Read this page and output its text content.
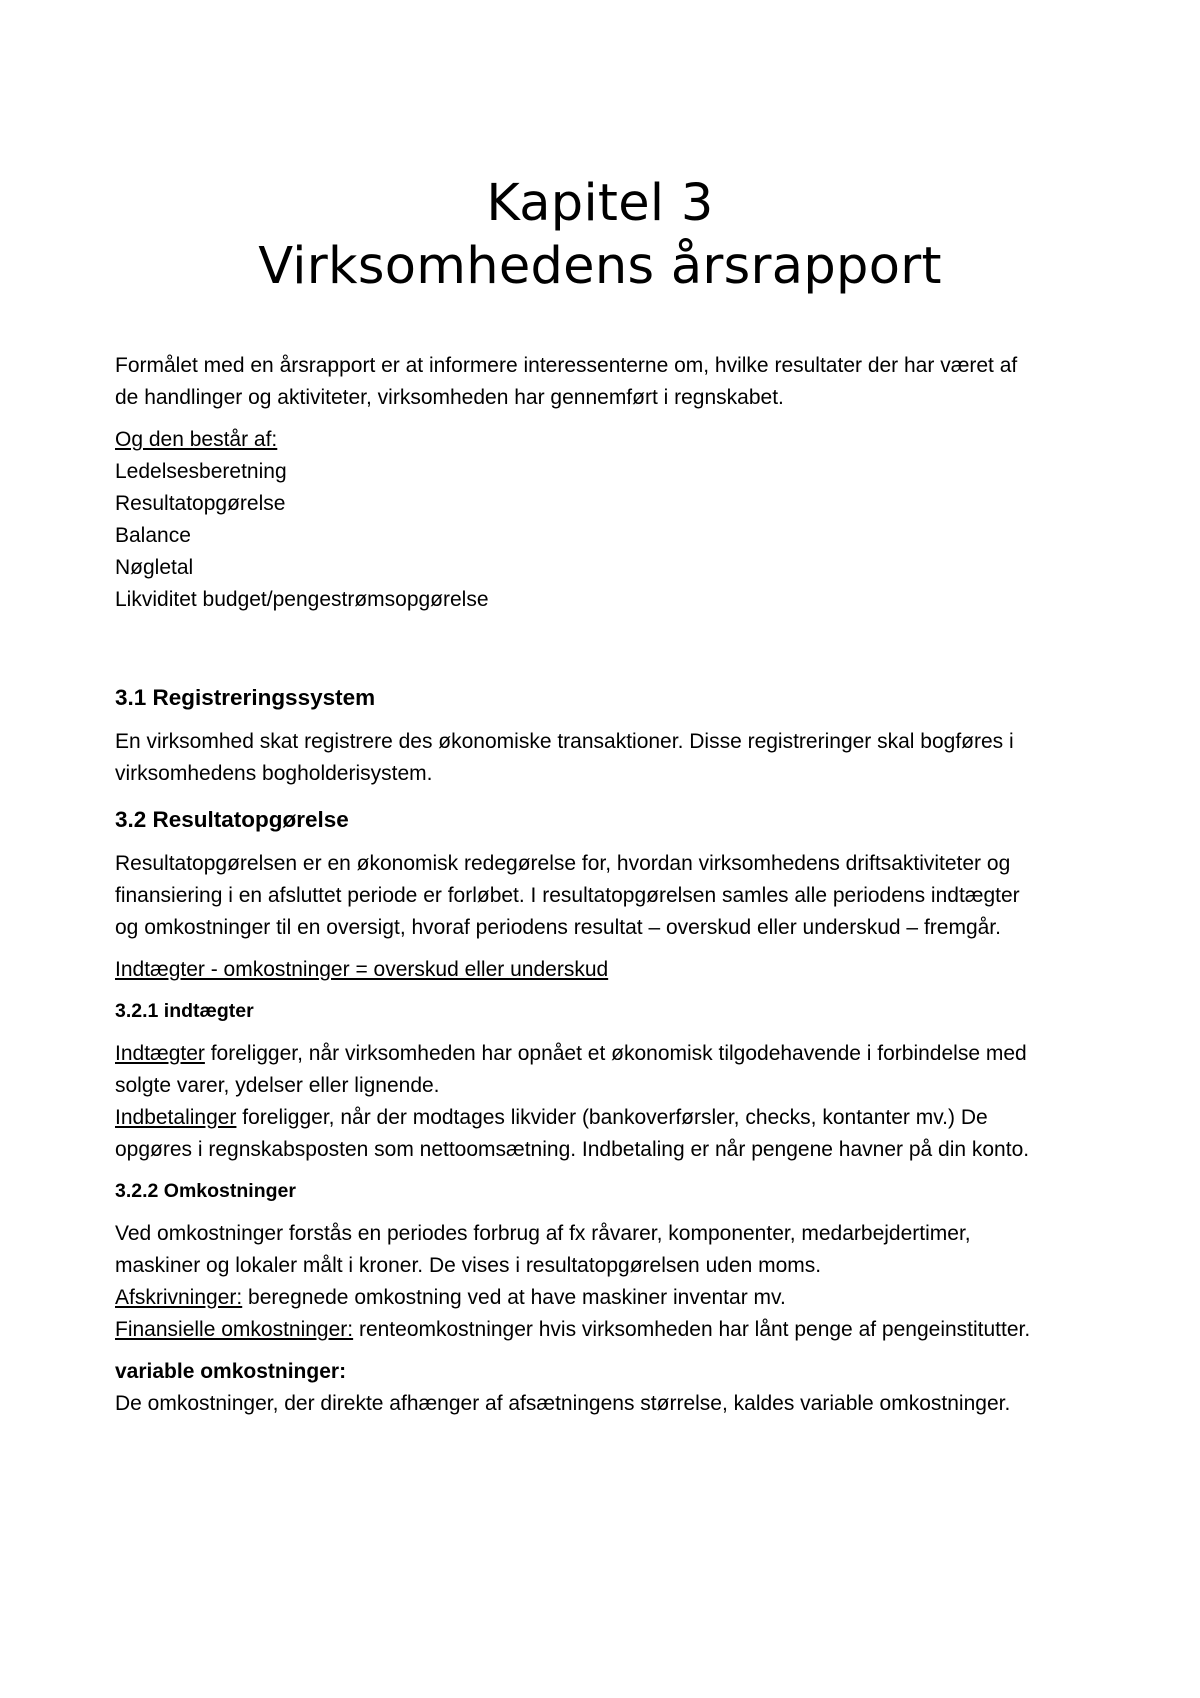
Kapitel 3
Virksomhedens årsrapport
Formålet med en årsrapport er at informere interessenterne om, hvilke resultater der har været af
de handlinger og aktiviteter, virksomheden har gennemført i regnskabet.
Og den består af:
Ledelsesberetning
Resultatopgørelse
Balance
Nøgletal
Likviditet budget/pengestrømsopgørelse
3.1 Registreringssystem
En virksomhed skat registrere des økonomiske transaktioner. Disse registreringer skal bogføres i
virksomhedens bogholderisystem.
3.2 Resultatopgørelse
Resultatopgørelsen er en økonomisk redegørelse for, hvordan virksomhedens driftsaktiviteter og
finansiering i en afsluttet periode er forløbet. I resultatopgørelsen samles alle periodens indtægter
og omkostninger til en oversigt, hvoraf periodens resultat – overskud eller underskud – fremgår.
Indtægter - omkostninger = overskud eller underskud
3.2.1 indtægter
Indtægter foreligger, når virksomheden har opnået et økonomisk tilgodehavende i forbindelse med
solgte varer, ydelser eller lignende.
Indbetalinger foreligger, når der modtages likvider (bankoverførsler, checks, kontanter mv.) De
opgøres i regnskabsposten som nettoomsætning. Indbetaling er når pengene havner på din konto.
3.2.2 Omkostninger
Ved omkostninger forstås en periodes forbrug af fx råvarer, komponenter, medarbejdertimer,
maskiner og lokaler målt i kroner. De vises i resultatopgørelsen uden moms.
Afskrivninger: beregnede omkostning ved at have maskiner inventar mv.
Finansielle omkostninger: renteomkostninger hvis virksomheden har lånt penge af pengeinstitutter.
variable omkostninger:
De omkostninger, der direkte afhænger af afsætningens størrelse, kaldes variable omkostninger.
